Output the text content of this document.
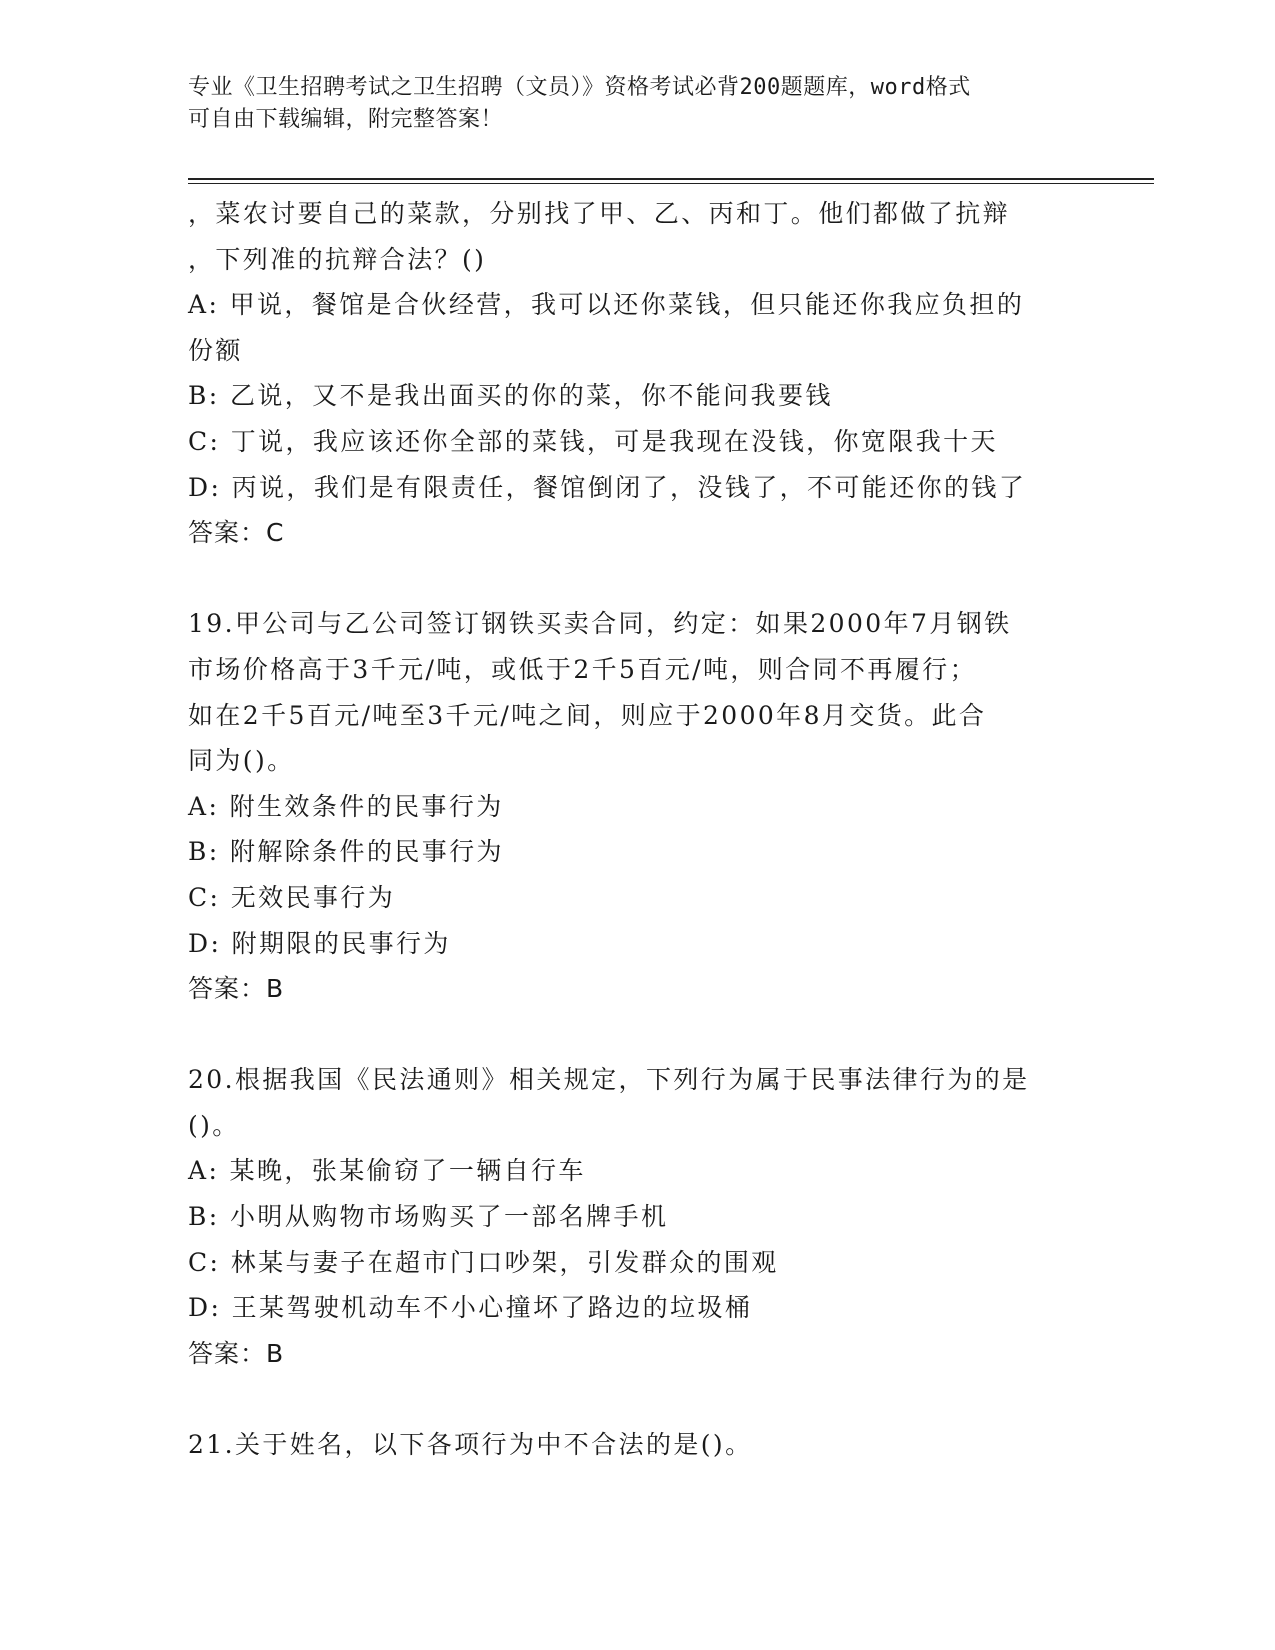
专业《卫生招聘考试之卫生招聘（文员）》资格考试必背200题题库，word格式
可自由下载编辑，附完整答案！
，菜农讨要自己的菜款，分别找了甲、乙、丙和丁。他们都做了抗辩
，下列准的抗辩合法？()
A: 甲说，餐馆是合伙经营，我可以还你菜钱，但只能还你我应负担的
份额
B: 乙说，又不是我出面买的你的菜，你不能问我要钱
C: 丁说，我应该还你全部的菜钱，可是我现在没钱，你宽限我十天
D: 丙说，我们是有限责任，餐馆倒闭了，没钱了，不可能还你的钱了
答案：C
19.甲公司与乙公司签订钢铁买卖合同，约定：如果2000年7月钢铁
市场价格高于3千元/吨，或低于2千5百元/吨，则合同不再履行；
如在2千5百元/吨至3千元/吨之间，则应于2000年8月交货。此合
同为()。
A: 附生效条件的民事行为
B: 附解除条件的民事行为
C: 无效民事行为
D: 附期限的民事行为
答案：B
20.根据我国《民法通则》相关规定，下列行为属于民事法律行为的是
()。
A: 某晚，张某偷窃了一辆自行车
B: 小明从购物市场购买了一部名牌手机
C: 林某与妻子在超市门口吵架，引发群众的围观
D: 王某驾驶机动车不小心撞坏了路边的垃圾桶
答案：B
21.关于姓名，以下各项行为中不合法的是()。
